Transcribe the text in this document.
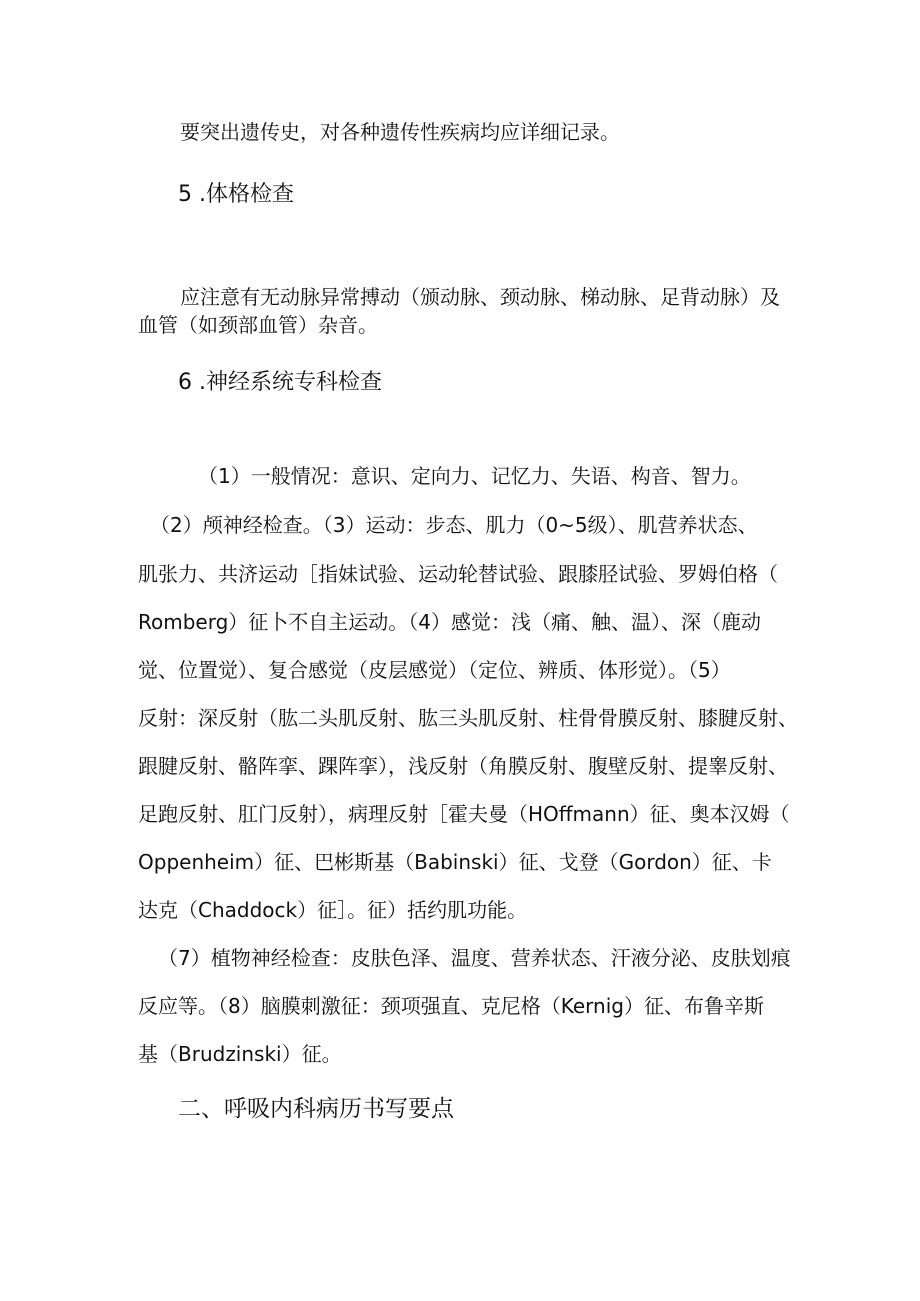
要突出遗传史，对各种遗传性疾病均应详细记录。
5 .体格检查
应注意有无动脉异常搏动（颁动脉、颈动脉、梯动脉、足背动脉）及
血管（如颈部血管）杂音。
6 .神经系统专科检查
（1）一般情况：意识、定向力、记忆力、失语、构音、智力。
（2）颅神经检查。（3）运动：步态、肌力（0~5级）、肌营养状态、
肌张力、共济运动［指妹试验、运动轮替试验、跟膝胫试验、罗姆伯格（
Romberg）征卜不自主运动。（4）感觉：浅（痛、触、温）、深（鹿动
觉、位置觉）、复合感觉（皮层感觉）（定位、辨质、体形觉）。（5）
反射：深反射（肱二头肌反射、肱三头肌反射、柱骨骨膜反射、膝腱反射、
跟腱反射、骼阵挛、踝阵挛），浅反射（角膜反射、腹壁反射、提睾反射、
足跑反射、肛门反射），病理反射［霍夫曼（HOffmann）征、奥本汉姆（
Oppenheim）征、巴彬斯基（Babinski）征、戈登（Gordon）征、卡
达克（Chaddock）征］。征）括约肌功能。
（7）植物神经检查：皮肤色泽、温度、营养状态、汗液分泌、皮肤划痕
反应等。（8）脑膜刺激征：颈项强直、克尼格（Kernig）征、布鲁辛斯
基（Brudzinski）征。
二、呼吸内科病历书写要点
